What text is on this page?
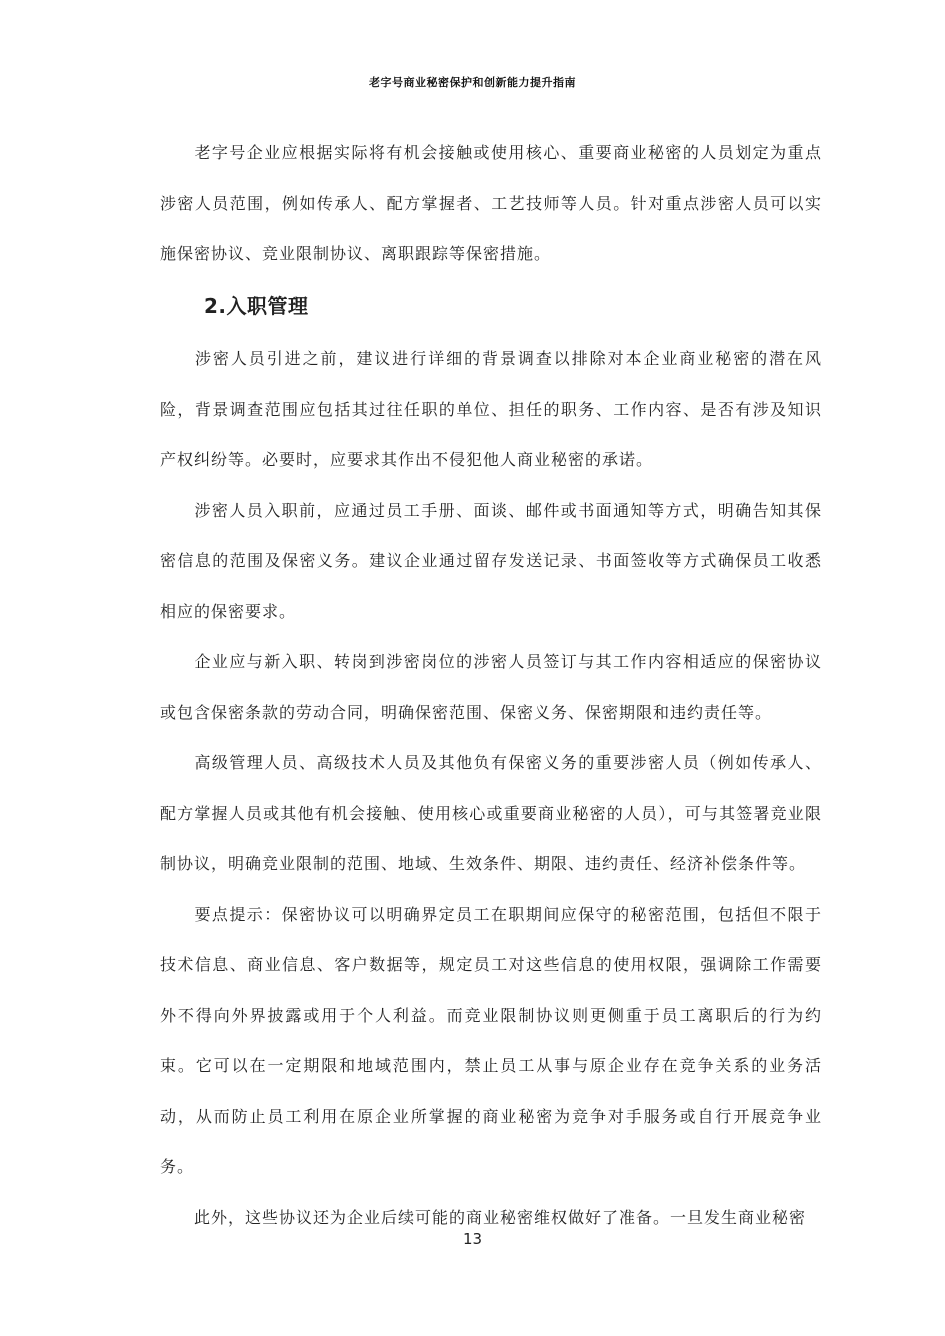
老字号商业秘密保护和创新能力提升指南

老字号企业应根据实际将有机会接触或使用核心、重要商业秘密的人员划定为重点涉密人员范围，例如传承人、配方掌握者、工艺技师等人员。针对重点涉密人员可以实施保密协议、竞业限制协议、离职跟踪等保密措施。

2.入职管理

涉密人员引进之前，建议进行详细的背景调查以排除对本企业商业秘密的潜在风险，背景调查范围应包括其过往任职的单位、担任的职务、工作内容、是否有涉及知识产权纠纷等。必要时，应要求其作出不侵犯他人商业秘密的承诺。

涉密人员入职前，应通过员工手册、面谈、邮件或书面通知等方式，明确告知其保密信息的范围及保密义务。建议企业通过留存发送记录、书面签收等方式确保员工收悉相应的保密要求。

企业应与新入职、转岗到涉密岗位的涉密人员签订与其工作内容相适应的保密协议或包含保密条款的劳动合同，明确保密范围、保密义务、保密期限和违约责任等。

高级管理人员、高级技术人员及其他负有保密义务的重要涉密人员（例如传承人、配方掌握人员或其他有机会接触、使用核心或重要商业秘密的人员），可与其签署竞业限制协议，明确竞业限制的范围、地域、生效条件、期限、违约责任、经济补偿条件等。

要点提示：保密协议可以明确界定员工在职期间应保守的秘密范围，包括但不限于技术信息、商业信息、客户数据等，规定员工对这些信息的使用权限，强调除工作需要外不得向外界披露或用于个人利益。而竞业限制协议则更侧重于员工离职后的行为约束。它可以在一定期限和地域范围内，禁止员工从事与原企业存在竞争关系的业务活动，从而防止员工利用在原企业所掌握的商业秘密为竞争对手服务或自行开展竞争业务。

此外，这些协议还为企业后续可能的商业秘密维权做好了准备。一旦发生商业秘密

13
